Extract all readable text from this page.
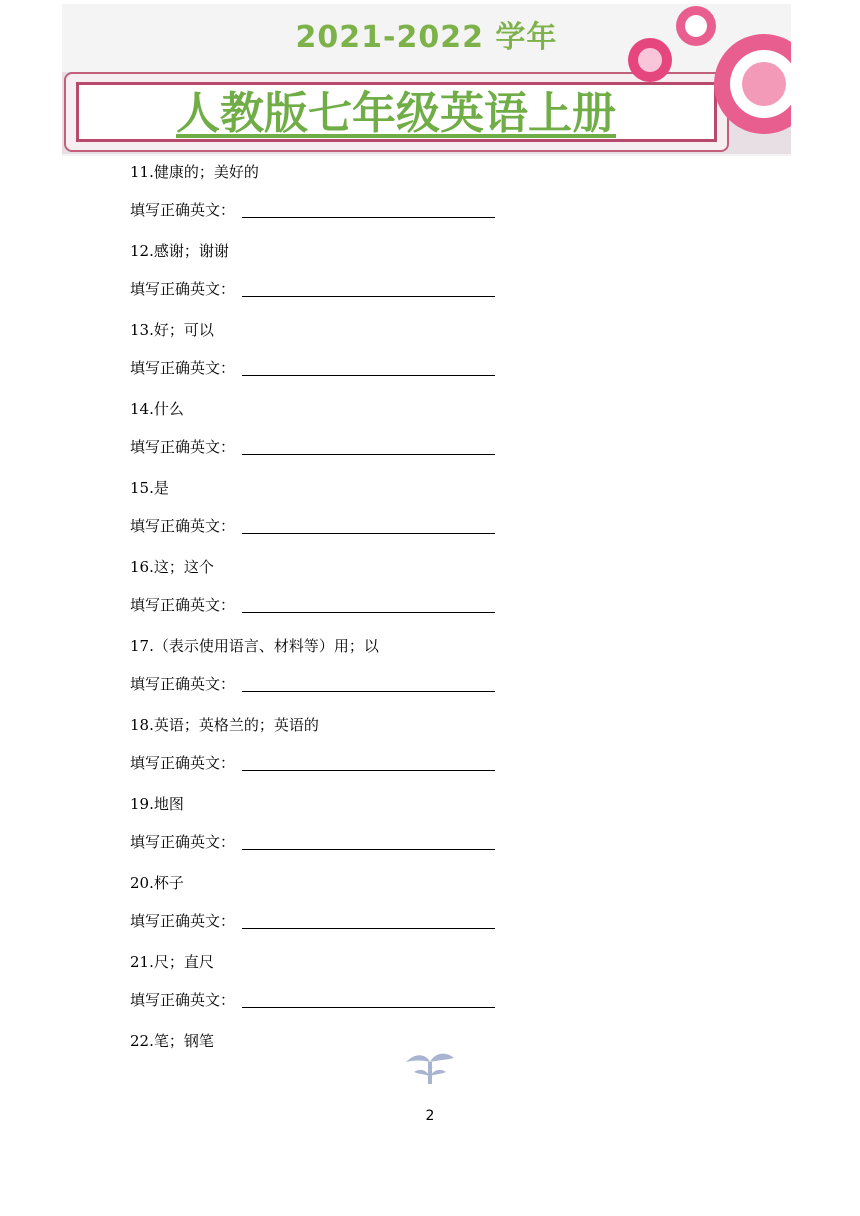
2021-2022 学年
人教版七年级英语上册
11.健康的；美好的
填写正确英文：
12.感谢；谢谢
填写正确英文：
13.好；可以
填写正确英文：
14.什么
填写正确英文：
15.是
填写正确英文：
16.这；这个
填写正确英文：
17.（表示使用语言、材料等）用；以
填写正确英文：
18.英语；英格兰的；英语的
填写正确英文：
19.地图
填写正确英文：
20.杯子
填写正确英文：
21.尺；直尺
填写正确英文：
22.笔；钢笔
2
